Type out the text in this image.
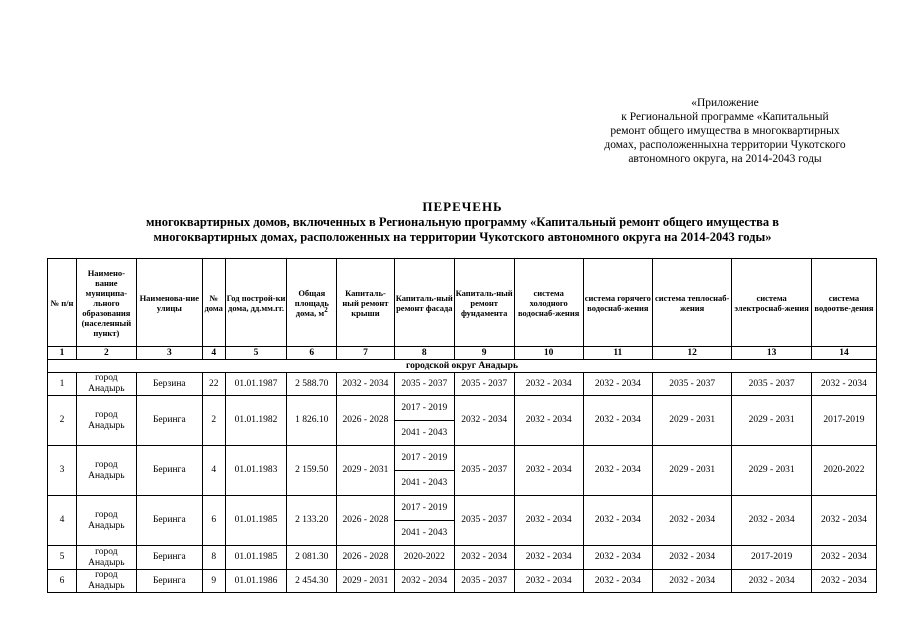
«Приложение
к Региональной программе «Капитальный
ремонт общего имущества в многоквартирных
домах, расположенныхна территории Чукотского
автономного округа, на 2014-2043 годы
ПЕРЕЧЕНЬ
многоквартирных домов, включенных в Региональную программу «Капитальный ремонт общего имущества в
многоквартирных домах, расположенных на территории Чукотского автономного округа на 2014-2043 годы»
№ п/н	Наимено-вание муниципа-льного образования (населенный пункт)	Наименова-ние улицы	№ дома	Год построй-ки дома, дд.мм.гг.	Общая площадь дома, $м^2$	Капиталь-ный ремонт крыши	Капиталь-ный ремонт фасада	Капиталь-ный ремонт фундамента	система холодного водоснаб-жения	система горячего водоснаб-жения	система теплоснаб-жения	система электроснаб-жения	система водоотве-дения
1	2	3	4	5	6	7	8	9	10	11	12	13	14
городской округ Анадырь													
1	город Анадырь	Берзина	22	01.01.1987	2 588.70	2032 - 2034	2035 - 2037	2035 - 2037	2032 - 2034	2032 - 2034	2035 - 2037	2035 - 2037	2032 - 2034
2	город Анадырь	Беринга	2	01.01.1982	1 826.10	2026 - 2028	2017 - 2019	2032 - 2034	2032 - 2034	2032 - 2034	2029 - 2031	2029 - 2031	2017-2019
							2041 - 2043						
3	город Анадырь	Беринга	4	01.01.1983	2 159.50	2029 - 2031	2017 - 2019	2035 - 2037	2032 - 2034	2032 - 2034	2029 - 2031	2029 - 2031	2020-2022
							2041 - 2043						
4	город Анадырь	Беринга	6	01.01.1985	2 133.20	2026 - 2028	2017 - 2019	2035 - 2037	2032 - 2034	2032 - 2034	2032 - 2034	2032 - 2034	2032 - 2034
							2041 - 2043						
5	город Анадырь	Беринга	8	01.01.1985	2 081.30	2026 - 2028	2020-2022	2032 - 2034	2032 - 2034	2032 - 2034	2032 - 2034	2017-2019	2032 - 2034
6	город Анадырь	Беринга	9	01.01.1986	2 454.30	2029 - 2031	2032 - 2034	2035 - 2037	2032 - 2034	2032 - 2034	2032 - 2034	2032 - 2034	2032 - 2034
